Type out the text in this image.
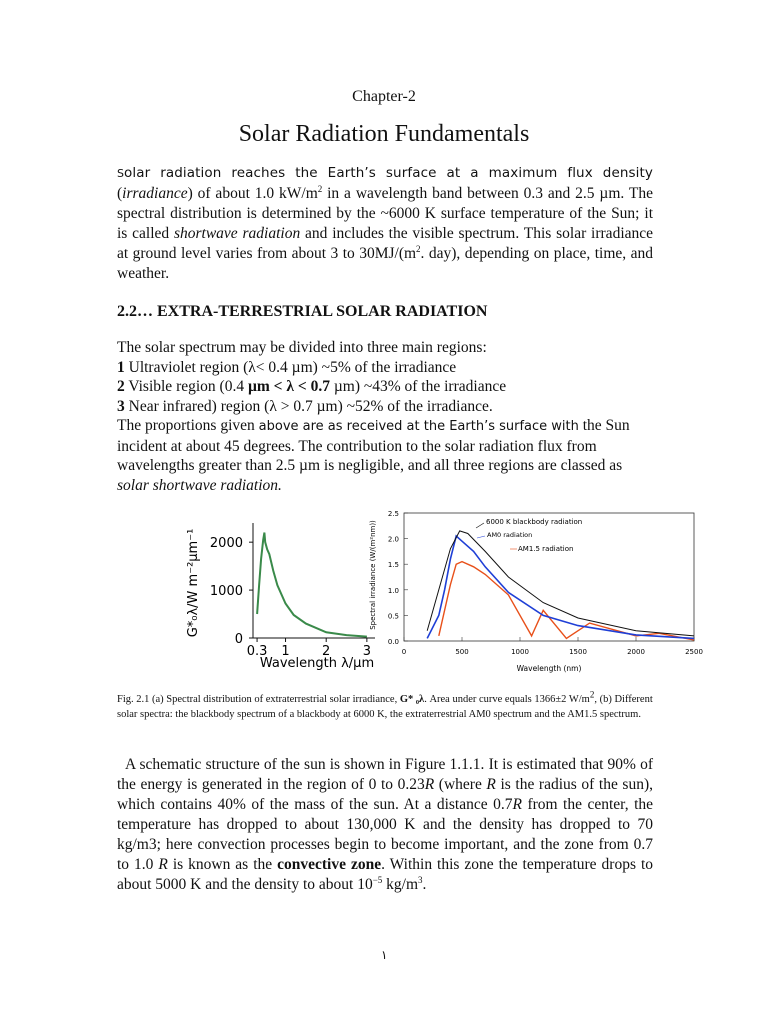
Chapter-2
Solar Radiation Fundamentals

Solar radiation reaches the Earth’s surface at a maximum flux density (irradiance) of about 1.0 $kW/m^2$ in a wavelength band between 0.3 and 2.5 µm. The spectral distribution is determined by the ~6000 K surface temperature of the Sun; it is called shortwave radiation and includes the visible spectrum. This solar irradiance at ground level varies from about 3 to $30MJ/(m^2$. day), depending on place, time, and weather.

2.2… EXTRA-TERRESTRIAL SOLAR RADIATION
The solar spectrum may be divided into three main regions:
1 Ultraviolet region (λ< 0.4 µm) ~5% of the irradiance
2 Visible region (0.4 µm < λ < 0.7 µm) ~43% of the irradiance
3 Near infrared) region (λ > 0.7 µm) ~52% of the irradiance.
The proportions given above are as received at the Earth’s surface with the Sun incident at about 45 degrees. The contribution to the solar radiation flux from wavelengths greater than 2.5 µm is negligible, and all three regions are classed as solar shortwave radiation.
G*₀λ/W m⁻²µm⁻¹ 2000
1000
0
0.3 1 2 3
Wavelength λ/µm
Spectral irradiance (W/(m²nm))
2.5
2.0
1.5
1.0
0.5
0.0
0	500	1000	1500	2000	2500
Wavelength (nm)
6000 K blackbody radiation
AM0 radiation
AM1.5 radiation
Fig. 2.1 (a) Spectral distribution of extraterrestrial solar irradiance, G* ₀λ. Area under curve equals 1366±2 $W/m^2$, (b) Different solar spectra: the blackbody spectrum of a blackbody at 6000 K, the extraterrestrial AM0 spectrum and the AM1.5 spectrum.

A schematic structure of the sun is shown in Figure 1.1.1. It is estimated that 90% of the energy is generated in the region of 0 to 0.23R (where R is the radius of the sun), which contains 40% of the mass of the sun. At a distance 0.7R from the center, the temperature has dropped to about 130,000 K and the density has dropped to 70 kg/m3; here convection processes begin to become important, and the zone from 0.7 to 1.0 R is known as the convective zone. Within this zone the temperature drops to about 5000 K and the density to about $10^{-5}$ $kg/m^3$.

١
